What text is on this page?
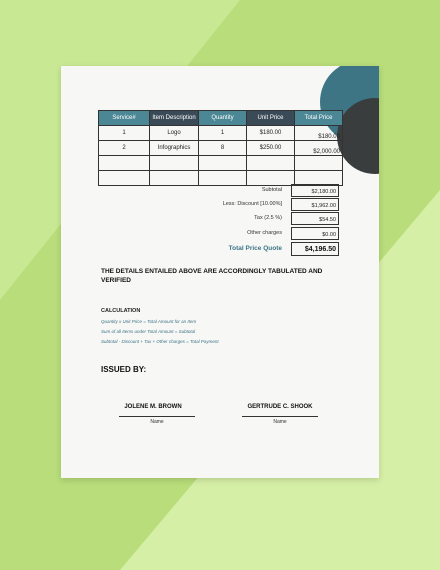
Service#	Item Description	Quantity	Unit Price	Total Price
1	Logo	1	$180.00	$180.00
2	Infographics	8	$250.00	$2,000.00

Subtotal	$2,180.00
Less: Discount [10.00%]	$1,962.00
Tax (2.5 %)	$54.50
Other charges	$0.00
Total Price Quote	$4,196.50
THE DETAILS ENTAILED ABOVE ARE ACCORDINGLY TABULATED AND VERIFIED
CALCULATION
Quantity x Unit Price = Total Amount for an Item
Sum of all Items under Total Amount = Subtotal
Subtotal - Discount + Tax + Other charges = Total Payment
ISSUED BY:
JOLENE M. BROWN
Name
GERTRUDE C. SHOOK
Name
